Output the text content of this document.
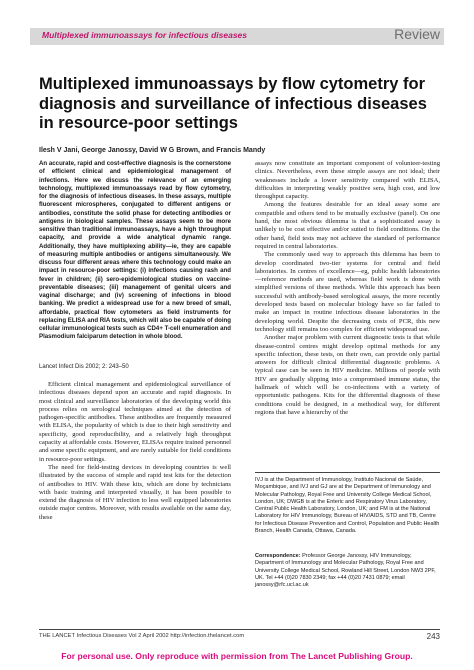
Multiplexed immunoassays for infectious diseases	Review
Multiplexed immunoassays by flow cytometry for diagnosis and surveillance of infectious diseases in resource-poor settings
Ilesh V Jani, George Janossy, David W G Brown, and Francis Mandy

An accurate, rapid and cost-effective diagnosis is the cornerstone of efficient clinical and epidemiological management of infections. Here we discuss the relevance of an emerging technology, multiplexed immunoassays read by flow cytometry, for the diagnosis of infectious diseases. In these assays, multiple fluorescent microspheres, conjugated to different antigens or antibodies, constitute the solid phase for detecting antibodies or antigens in biological samples. These assays seem to be more sensitive than traditional immunoassays, have a high throughput capacity, and provide a wide analytical dynamic range. Additionally, they have multiplexing ability—ie, they are capable of measuring multiple antibodies or antigens simultaneously. We discuss four different areas where this technology could make an impact in resource-poor settings: (i) infections causing rash and fever in children; (ii) sero-epidemiological studies on vaccine-preventable diseases; (iii) management of genital ulcers and vaginal discharge; and (iv) screening of infections in blood banking. We predict a widespread use for a new breed of small, affordable, practical flow cytometers as field instruments for replacing ELISA and RIA tests, which will also be capable of doing cellular immunological tests such as CD4+ T-cell enumeration and Plasmodium falciparum detection in whole blood.

Lancet Infect Dis 2002; 2: 243–50

Efficient clinical management and epidemiological surveillance of infectious diseases depend upon an accurate and rapid diagnosis. In most clinical and surveillance laboratories of the developing world this process relies on serological techniques aimed at the detection of pathogen-specific antibodies. These antibodies are frequently measured with ELISA, the popularity of which is due to their high sensitivity and specificity, good reproducibility, and a relatively high throughput capacity at affordable costs. However, ELISAs require trained personnel and some specific equipment, and are rarely suitable for field conditions in resource-poor settings.

The need for field-testing devices in developing countries is well illustrated by the success of simple and rapid test kits for the detection of antibodies to HIV. With these kits, which are done by technicians with basic training and interpreted visually, it has been possible to extend the diagnosis of HIV infection to less well equipped laboratories outside major centres. Moreover, with results available on the same day, these

assays now constitute an important component of volunteer-testing clinics. Nevertheless, even these simple assays are not ideal; their weaknesses include a lower sensitivity compared with ELISA, difficulties in interpreting weakly positive sera, high cost, and low throughput capacity.

Among the features desirable for an ideal assay some are compatible and others tend to be mutually exclusive (panel). On one hand, the most obvious dilemma is that a sophisticated assay is unlikely to be cost effective and/or suited to field conditions. On the other hand, field tests may not achieve the standard of performance required in central laboratories.

The commonly used way to approach this dilemma has been to develop coordinated two-tier systems for central and field laboratories. In centres of excellence—eg, public health laboratories—reference methods are used, whereas field work is done with simplified versions of these methods. While this approach has been successful with antibody-based serological assays, the more recently developed tests based on molecular biology have so far failed to make an impact in routine infectious disease laboratories in the developing world. Despite the decreasing costs of PCR, this new technology still remains too complex for efficient widespread use.

Another major problem with current diagnostic tests is that while disease-control centres might develop optimal methods for any specific infection, these tests, on their own, can provide only partial answers for difficult clinical differential diagnostic problems. A typical case can be seen in HIV medicine. Millions of people with HIV are gradually slipping into a compromised immune status, the hallmark of which will be co-infections with a variety of opportunistic pathogens. Kits for the differential diagnosis of these conditions could be designed, in a methodical way, for different regions that have a hierarchy of the

IVJ is at the Department of Immunology, Instituto Nacional de Saúde, Moçambique, and IVJ and GJ are at the Department of Immunology and Molecular Pathology, Royal Free and University College Medical School, London, UK; DWGB is at the Enteric and Respiratory Virus Laboratory, Central Public Health Laboratory, London, UK; and FM is at the National Laboratory for HIV Immunology, Bureau of HIV/AIDS, STD and TB, Centre for Infectious Disease Prevention and Control, Population and Public Health Branch, Health Canada, Ottawa, Canada.

Correspondence: Professor George Janossy, HIV Immunology, Department of Immunology and Molecular Pathology, Royal Free and University College Medical School, Rowland Hill Street, London NW3 2PF, UK. Tel +44 (0)20 7830 2349; fax +44 (0)20 7431 0879; email janossy@rfc.ucl.ac.uk

THE LANCET Infectious Diseases Vol 2 April 2002 http://infection.thelancet.com	243
For personal use. Only reproduce with permission from The Lancet Publishing Group.
